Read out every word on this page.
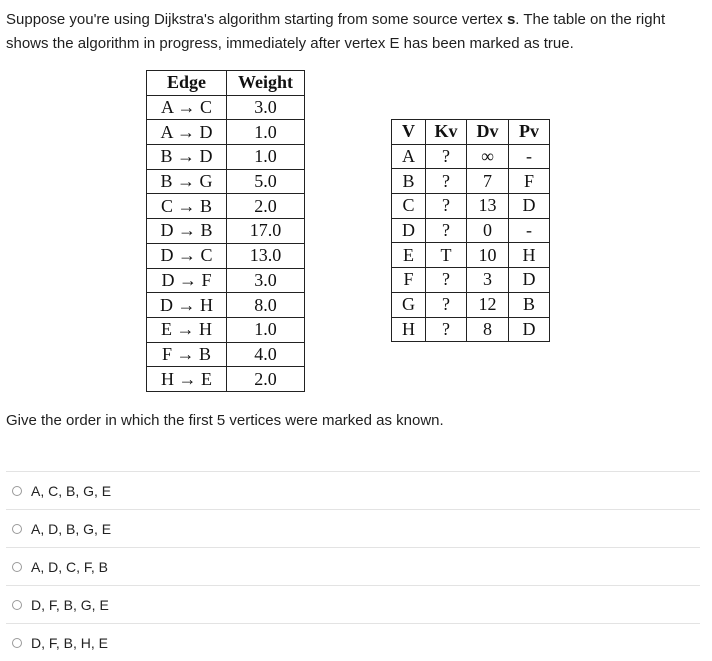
Suppose you're using Dijkstra's algorithm starting from some source vertex s. The table on the right shows the algorithm in progress, immediately after vertex E has been marked as true.
Edge	Weight
A → C	3.0
A → D	1.0
B → D	1.0
B → G	5.0
C → B	2.0
D → B	17.0
D → C	13.0
D → F	3.0
D → H	8.0
E → H	1.0
F → B	4.0
H → E	2.0
V	Kv	Dv	Pv
A	?	∞	-
B	?	7	F
C	?	13	D
D	?	0	-
E	T	10	H
F	?	3	D
G	?	12	B
H	?	8	D
Give the order in which the first 5 vertices were marked as known.
A, C, B, G, E
A, D, B, G, E
A, D, C, F, B
D, F, B, G, E
D, F, B, H, E
